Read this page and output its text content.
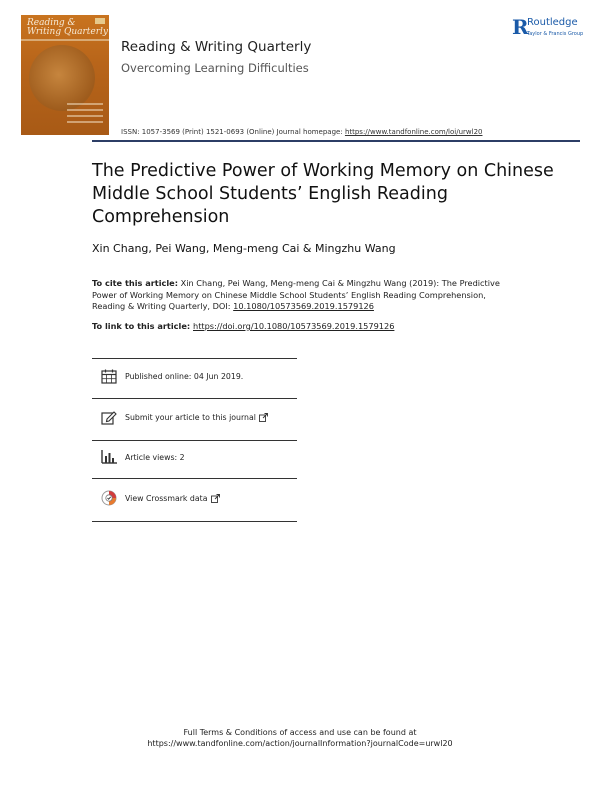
Reading &
Writing Quarterly
Reading & Writing Quarterly
Overcoming Learning Difficulties
R
Routledge
Taylor & Francis Group
ISSN: 1057-3569 (Print) 1521-0693 (Online) Journal homepage: https://www.tandfonline.com/loi/urwl20
The Predictive Power of Working Memory on Chinese Middle School Students’ English Reading Comprehension
Xin Chang, Pei Wang, Meng-meng Cai & Mingzhu Wang
To cite this article: Xin Chang, Pei Wang, Meng-meng Cai & Mingzhu Wang (2019): The Predictive Power of Working Memory on Chinese Middle School Students’ English Reading Comprehension, Reading & Writing Quarterly, DOI: 10.1080/10573569.2019.1579126
To link to this article: https://doi.org/10.1080/10573569.2019.1579126
Published online: 04 Jun 2019.
Submit your article to this journal
Article views: 2
View Crossmark data
Full Terms & Conditions of access and use can be found at
https://www.tandfonline.com/action/journalInformation?journalCode=urwl20
